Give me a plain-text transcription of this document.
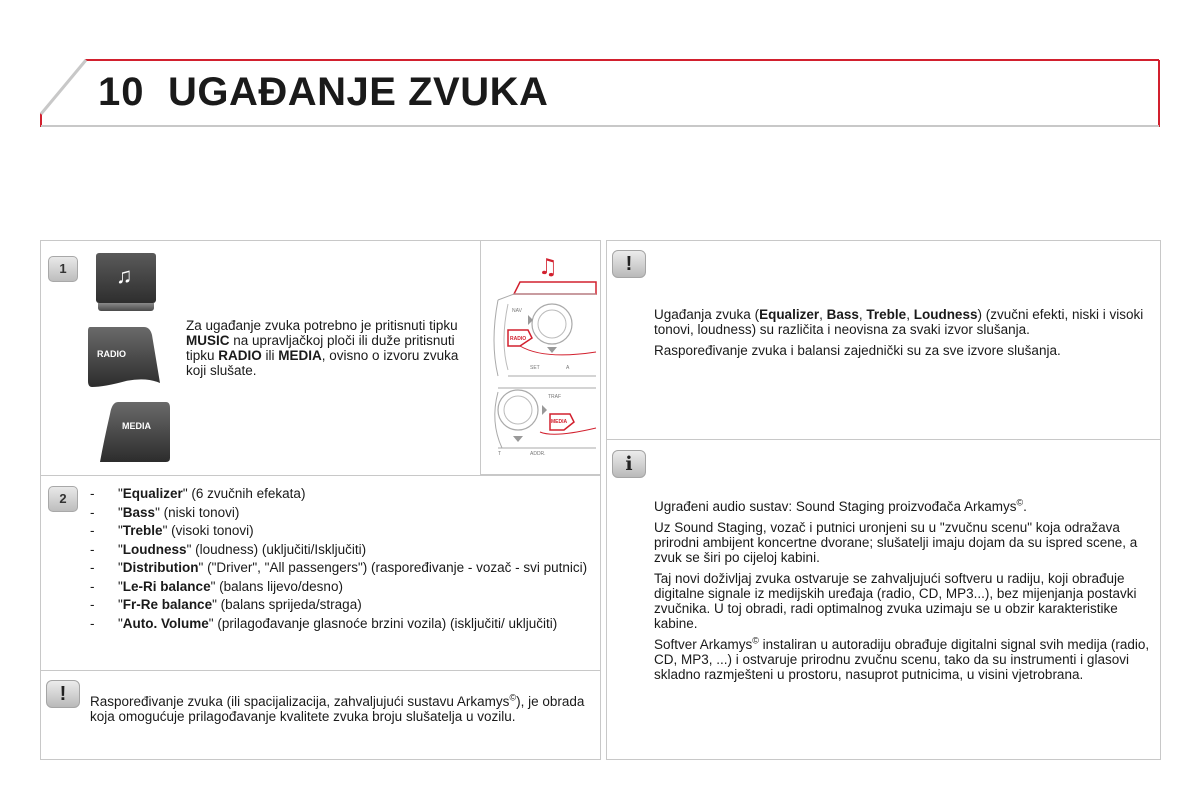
10 UGAĐANJE ZVUKA
1	♫
RADIO
MEDIA
Za ugađanje zvuka potrebno je pritisnuti tipku MUSIC na upravljačkoj ploči ili duže pritisnuti tipku RADIO ili MEDIA, ovisno o izvoru zvuka koji slušate.
♫
NAV
RADIO
SET	A
TRAF
MEDIA
T	ADDR.
2	- "Equalizer" (6 zvučnih efekata)
- "Bass" (niski tonovi)
- "Treble" (visoki tonovi)
- "Loudness" (loudness) (uključiti/Isključiti)
- "Distribution" ("Driver", "All passengers") (raspoređivanje - vozač - svi putnici)
- "Le-Ri balance" (balans lijevo/desno)
- "Fr-Re balance" (balans sprijeda/straga)
- "Auto. Volume" (prilagođavanje glasnoće brzini vozila) (isključiti/ uključiti)
!	Raspoređivanje zvuka (ili spacijalizacija, zahvaljujući sustavu Arkamys©), je obrada koja omogućuje prilagođavanje kvalitete zvuka broju slušatelja u vozilu.
!
Ugađanja zvuka (Equalizer, Bass, Treble, Loudness) (zvučni efekti, niski i visoki tonovi, loudness) su različita i neovisna za svaki izvor slušanja.
Raspoređivanje zvuka i balansi zajednički su za sve izvore slušanja.
i
Ugrađeni audio sustav: Sound Staging proizvođača Arkamys©.
Uz Sound Staging, vozač i putnici uronjeni su u "zvučnu scenu" koja odražava prirodni ambijent koncertne dvorane; slušatelji imaju dojam da su ispred scene, a zvuk se širi po cijeloj kabini.
Taj novi doživljaj zvuka ostvaruje se zahvaljujući softveru u radiju, koji obrađuje digitalne signale iz medijskih uređaja (radio, CD, MP3...), bez mijenjanja postavki zvučnika. U toj obradi, radi optimalnog zvuka uzimaju se u obzir karakteristike kabine.
Softver Arkamys© instaliran u autoradiju obrađuje digitalni signal svih medija (radio, CD, MP3, ...) i ostvaruje prirodnu zvučnu scenu, tako da su instrumenti i glasovi skladno razmješteni u prostoru, nasuprot putnicima, u visini vjetrobrana.
